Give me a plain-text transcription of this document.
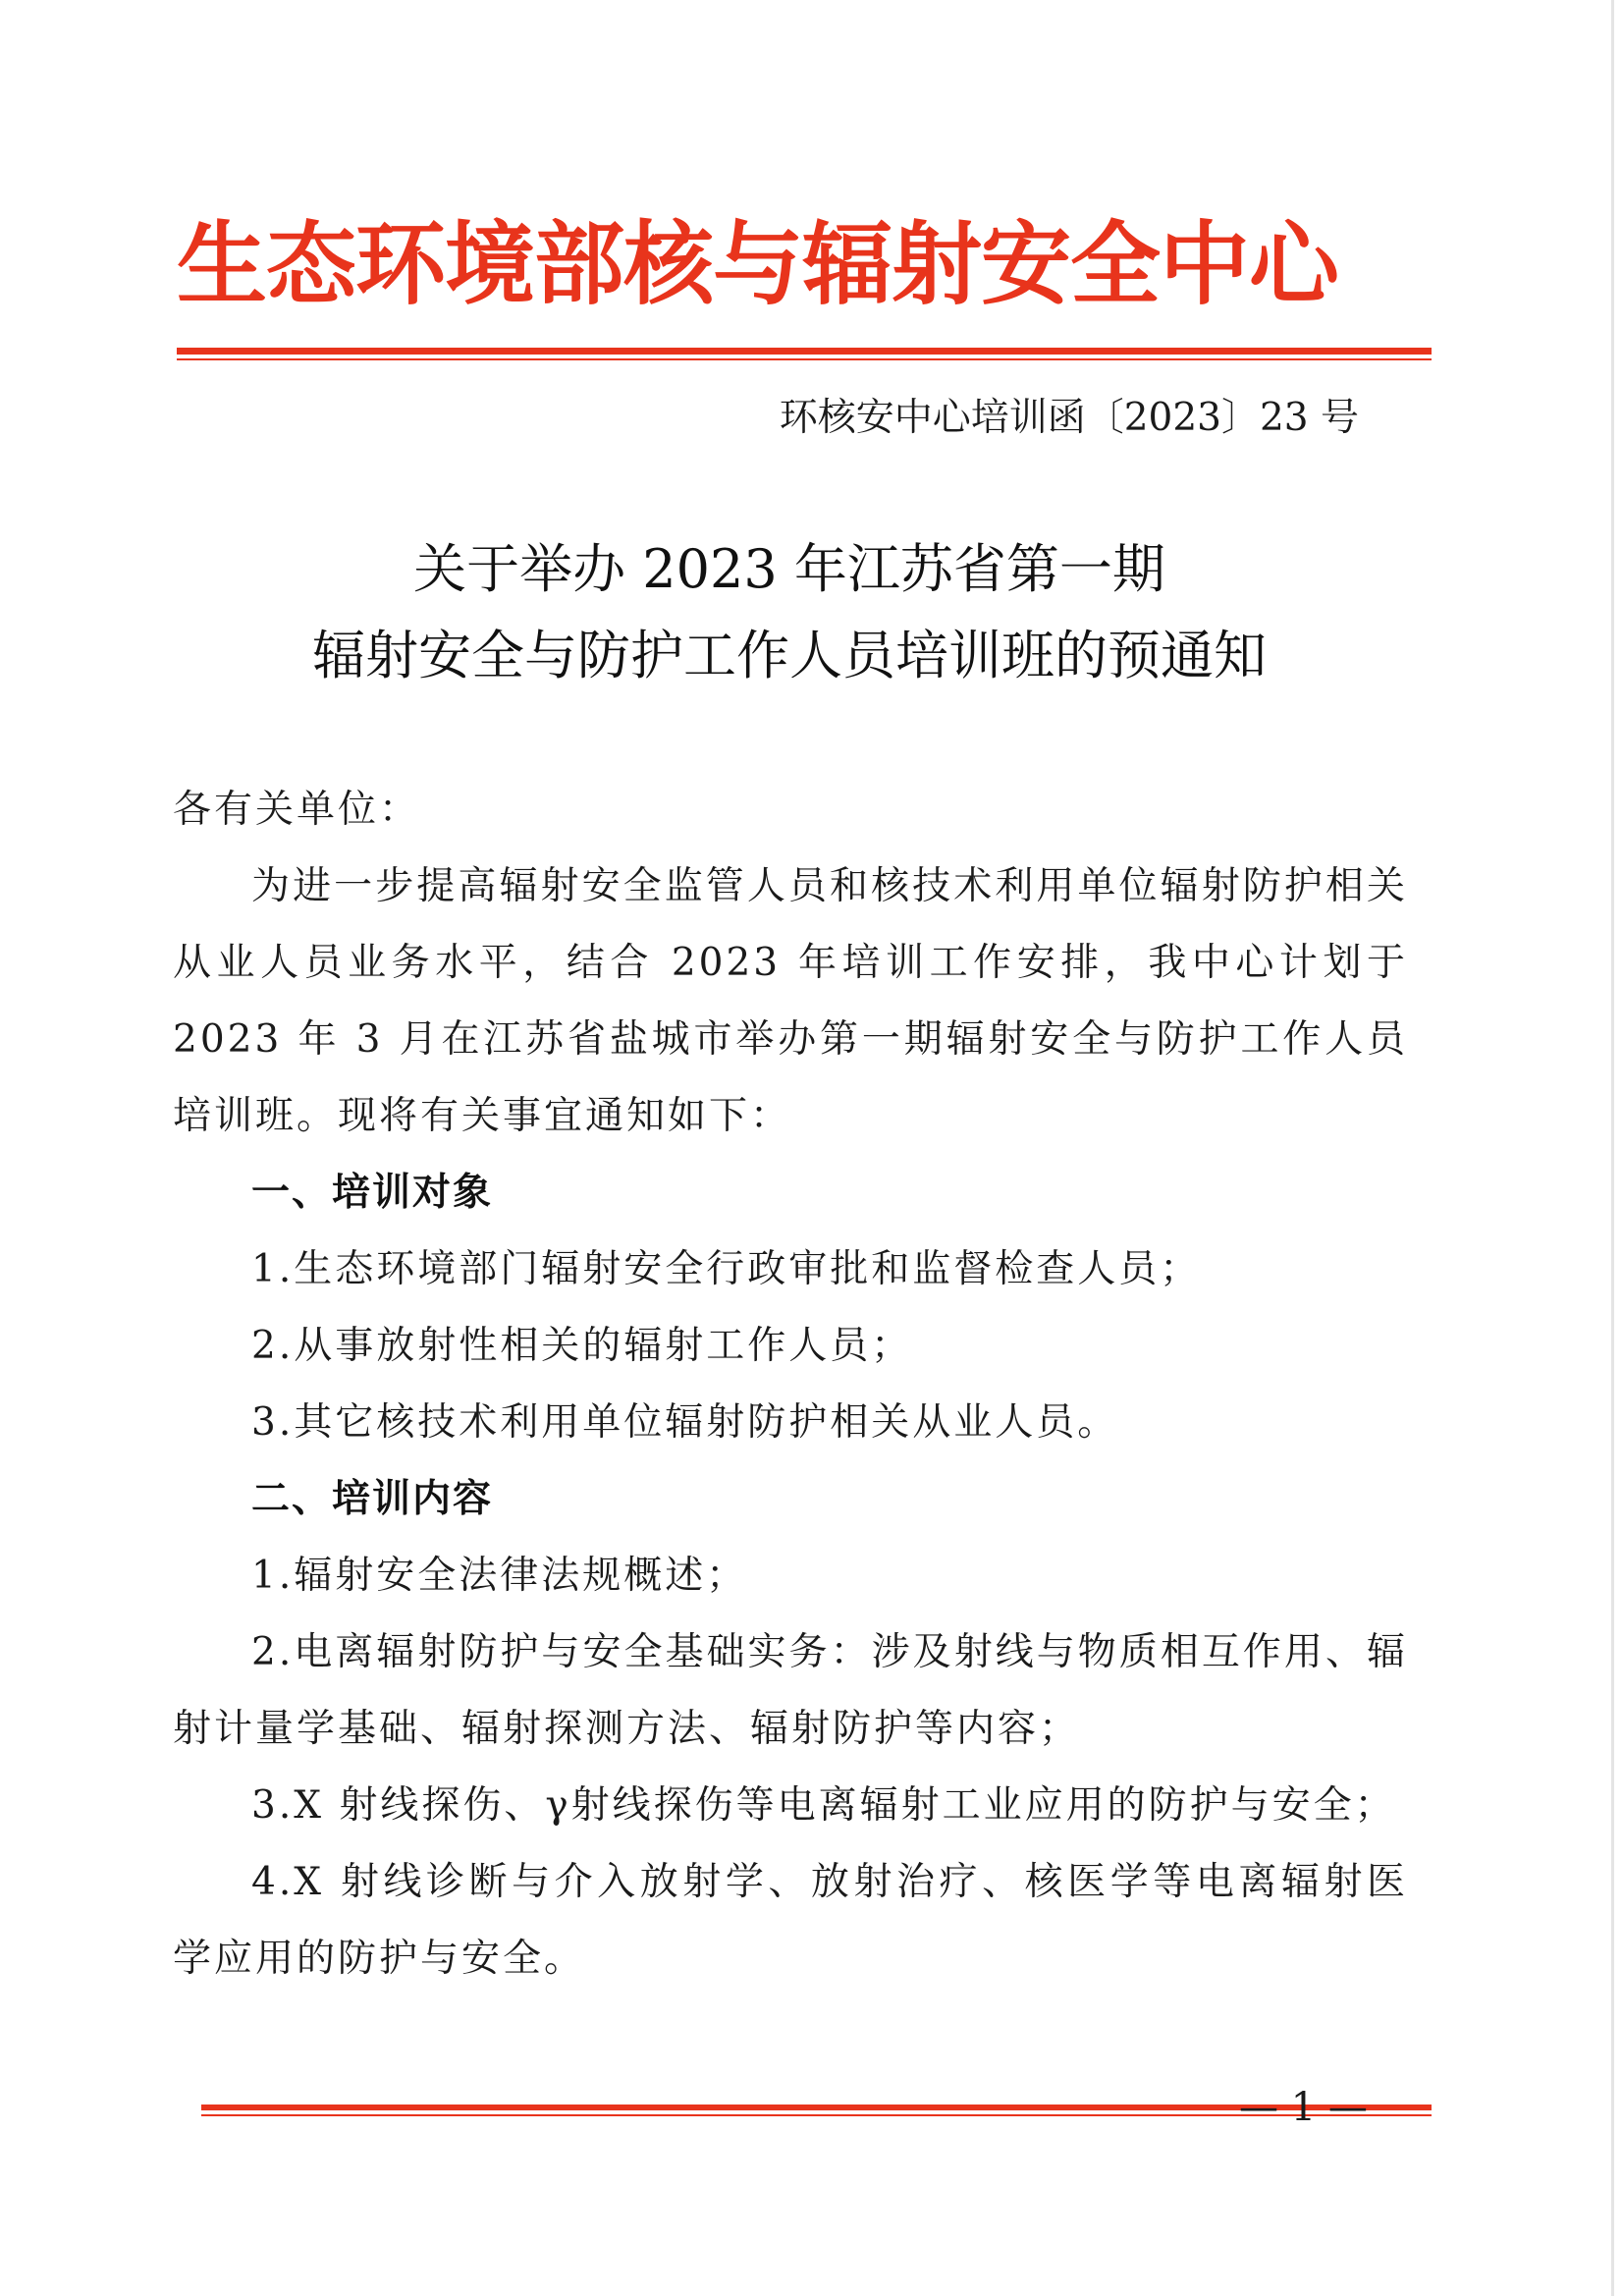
生态环境部核与辐射安全中心
环核安中心培训函〔2023〕23 号
关于举办 2023 年江苏省第一期
辐射安全与防护工作人员培训班的预通知

各有关单位：

为进一步提高辐射安全监管人员和核技术利用单位辐射防护相关从业人员业务水平，结合 2023 年培训工作安排，我中心计划于 2023 年 3 月在江苏省盐城市举办第一期辐射安全与防护工作人员培训班。现将有关事宜通知如下：

一、培训对象
1.生态环境部门辐射安全行政审批和监督检查人员；
2.从事放射性相关的辐射工作人员；
3.其它核技术利用单位辐射防护相关从业人员。
二、培训内容
1.辐射安全法律法规概述；
2.电离辐射防护与安全基础实务：涉及射线与物质相互作用、辐射计量学基础、辐射探测方法、辐射防护等内容；
3.X 射线探伤、γ射线探伤等电离辐射工业应用的防护与安全；
4.X 射线诊断与介入放射学、放射治疗、核医学等电离辐射医学应用的防护与安全。
— 1 —
